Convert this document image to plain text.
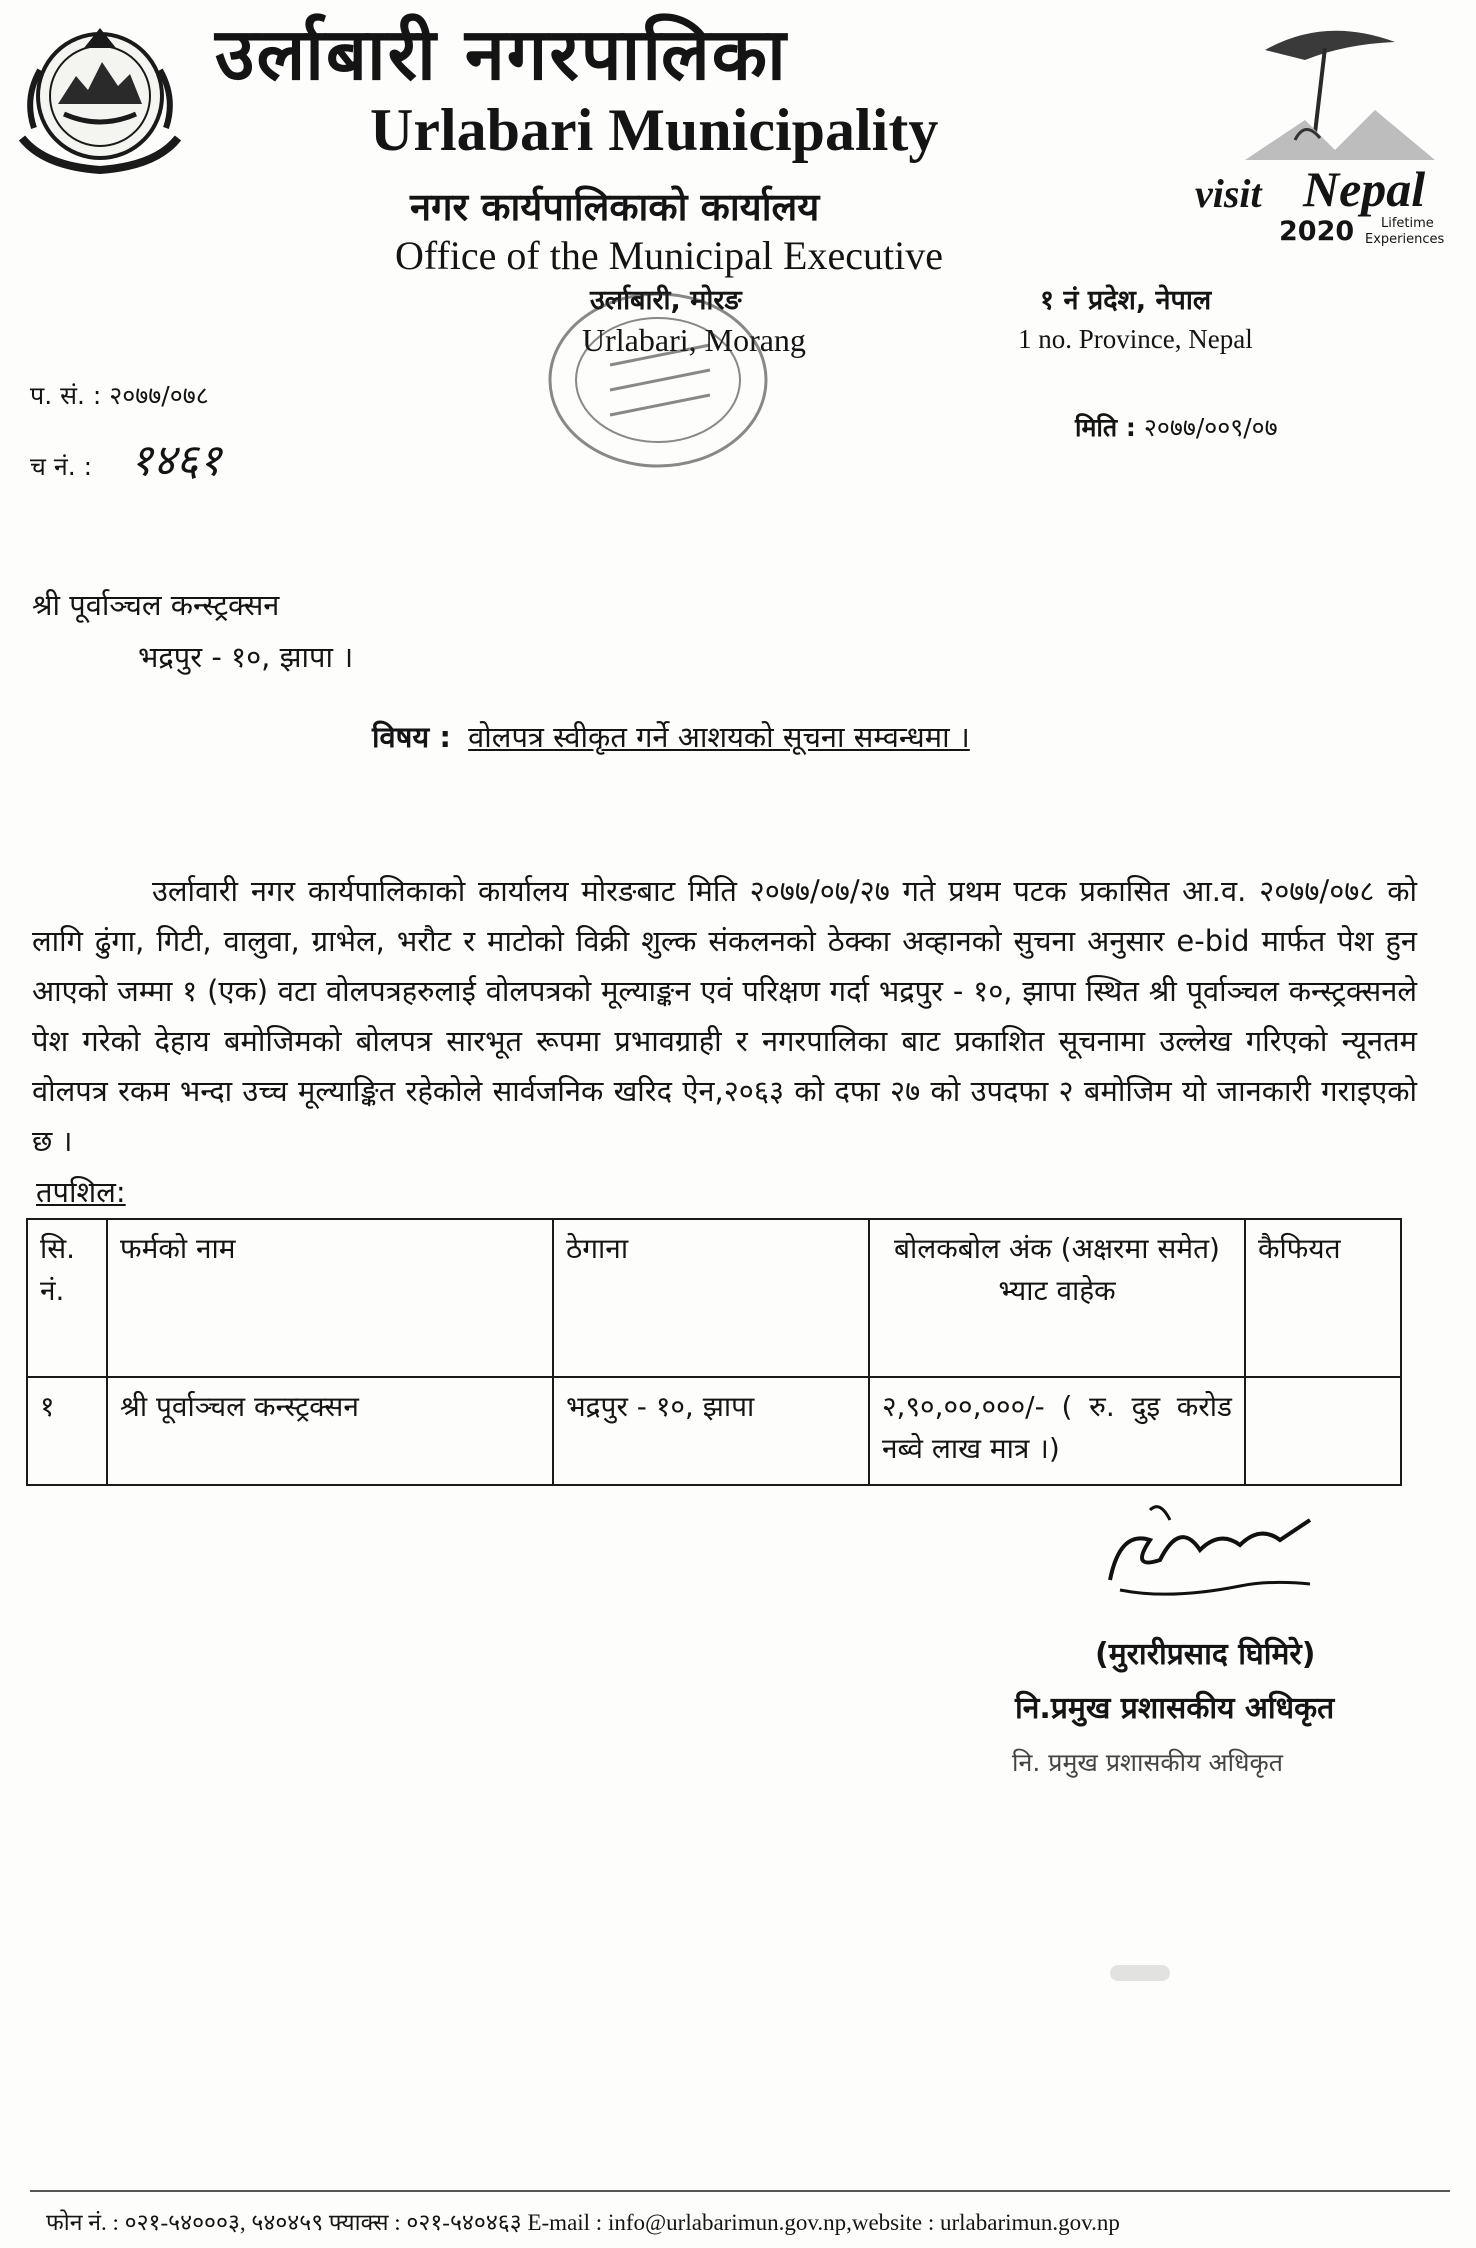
उर्लाबारी नगरपालिका
Urlabari Municipality
नगर कार्यपालिकाको कार्यालय
Office of the Municipal Executive
उर्लाबारी, मोरङ
Urlabari, Morang
१ नं प्रदेश, नेपाल
1 no. Province, Nepal
visit Nepal
2020 Lifetime
Experiences
प. सं. : २०७७/०७८
च नं. : १४६१
मिति : २०७७/००९/०७
श्री पूर्वाञ्चल कन्स्ट्रक्सन
भद्रपुर - १०, झापा ।
विषय : वोलपत्र स्वीकृत गर्ने आशयको सूचना सम्वन्धमा ।
उर्लावारी नगर कार्यपालिकाको कार्यालय मोरङबाट मिति २०७७/०७/२७ गते प्रथम पटक प्रकासित आ.व. २०७७/०७८ को लागि ढुंगा, गिटी, वालुवा, ग्राभेल, भरौट र माटोको विक्री शुल्क संकलनको ठेक्का अव्हानको सुचना अनुसार e-bid मार्फत पेश हुन आएको जम्मा १ (एक) वटा वोलपत्रहरुलाई वोलपत्रको मूल्याङ्कन एवं परिक्षण गर्दा भद्रपुर - १०, झापा स्थित श्री पूर्वाञ्चल कन्स्ट्रक्सनले पेश गरेको देहाय बमोजिमको बोलपत्र सारभूत रूपमा प्रभावग्राही र नगरपालिका बाट प्रकाशित सूचनामा उल्लेख गरिएको न्यूनतम वोलपत्र रकम भन्दा उच्च मूल्याङ्कित रहेकोले सार्वजनिक खरिद ऐन,२०६३ को दफा २७ को उपदफा २ बमोजिम यो जानकारी गराइएको छ ।
तपशिल:
सि. नं.	फर्मको नाम	ठेगाना	बोलकबोल अंक (अक्षरमा समेत) भ्याट वाहेक	कैफियत
१	श्री पूर्वाञ्चल कन्स्ट्रक्सन	भद्रपुर - १०, झापा	२,९०,००,०००/- ( रु. दुइ करोड नब्वे लाख मात्र ।)	
(मुरारीप्रसाद घिमिरे)
नि.प्रमुख प्रशासकीय अधिकृत
नि. प्रमुख प्रशासकीय अधिकृत
फोन नं. : ०२१-५४०००३, ५४०४५९ फ्याक्स : ०२१-५४०४६३ E-mail : info@urlabarimun.gov.np,website : urlabarimun.gov.np
